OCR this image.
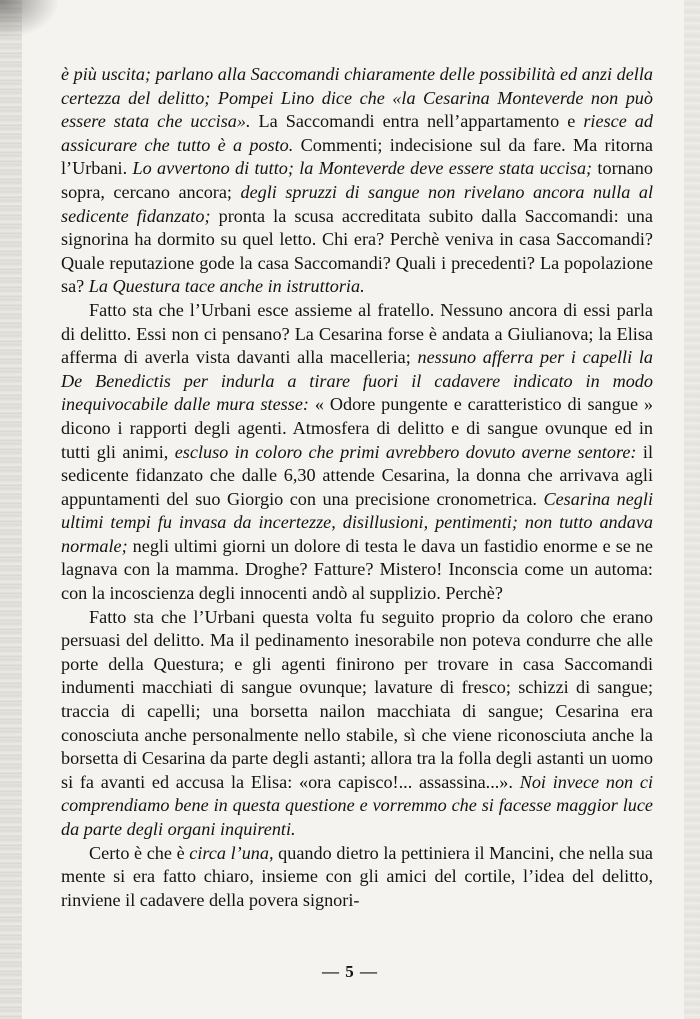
è più uscita; parlano alla Saccomandi chiaramente delle possibilità ed anzi della certezza del delitto; Pompei Lino dice che «la Cesarina Monteverde non può essere stata che uccisa». La Saccomandi entra nell’appartamento e riesce ad assicurare che tutto è a posto. Commenti; indecisione sul da fare. Ma ritorna l’Urbani. Lo avvertono di tutto; la Monteverde deve essere stata uccisa; tornano sopra, cercano ancora; degli spruzzi di sangue non rivelano ancora nulla al sedicente fidanzato; pronta la scusa accreditata subito dalla Saccomandi: una signorina ha dormito su quel letto. Chi era? Perchè veniva in casa Saccomandi? Quale reputazione gode la casa Saccomandi? Quali i precedenti? La popolazione sa? La Questura tace anche in istruttoria.

Fatto sta che l’Urbani esce assieme al fratello. Nessuno ancora di essi parla di delitto. Essi non ci pensano? La Cesarina forse è andata a Giulianova; la Elisa afferma di averla vista davanti alla macelleria; nessuno afferra per i capelli la De Benedictis per indurla a tirare fuori il cadavere indicato in modo inequivocabile dalle mura stesse: « Odore pungente e caratteristico di sangue » dicono i rapporti degli agenti. Atmosfera di delitto e di sangue ovunque ed in tutti gli animi, escluso in coloro che primi avrebbero dovuto averne sentore: il sedicente fidanzato che dalle 6,30 attende Cesarina, la donna che arrivava agli appuntamenti del suo Giorgio con una precisione cronometrica. Cesarina negli ultimi tempi fu invasa da incertezze, disillusioni, pentimenti; non tutto andava normale; negli ultimi giorni un dolore di testa le dava un fastidio enorme e se ne lagnava con la mamma. Droghe? Fatture? Mistero! Inconscia come un automa: con la incoscienza degli innocenti andò al supplizio. Perchè?

Fatto sta che l’Urbani questa volta fu seguito proprio da coloro che erano persuasi del delitto. Ma il pedinamento inesorabile non poteva condurre che alle porte della Questura; e gli agenti finirono per trovare in casa Saccomandi indumenti macchiati di sangue ovunque; lavature di fresco; schizzi di sangue; traccia di capelli; una borsetta nailon macchiata di sangue; Cesarina era conosciuta anche personalmente nello stabile, sì che viene riconosciuta anche la borsetta di Cesarina da parte degli astanti; allora tra la folla degli astanti un uomo si fa avanti ed accusa la Elisa: «ora capisco!... assassina...». Noi invece non ci comprendiamo bene in questa questione e vorremmo che si facesse maggior luce da parte degli organi inquirenti.

Certo è che è circa l’una, quando dietro la pettiniera il Mancini, che nella sua mente si era fatto chiaro, insieme con gli amici del cortile, l’idea del delitto, rinviene il cadavere della povera signori-

— 5 —
